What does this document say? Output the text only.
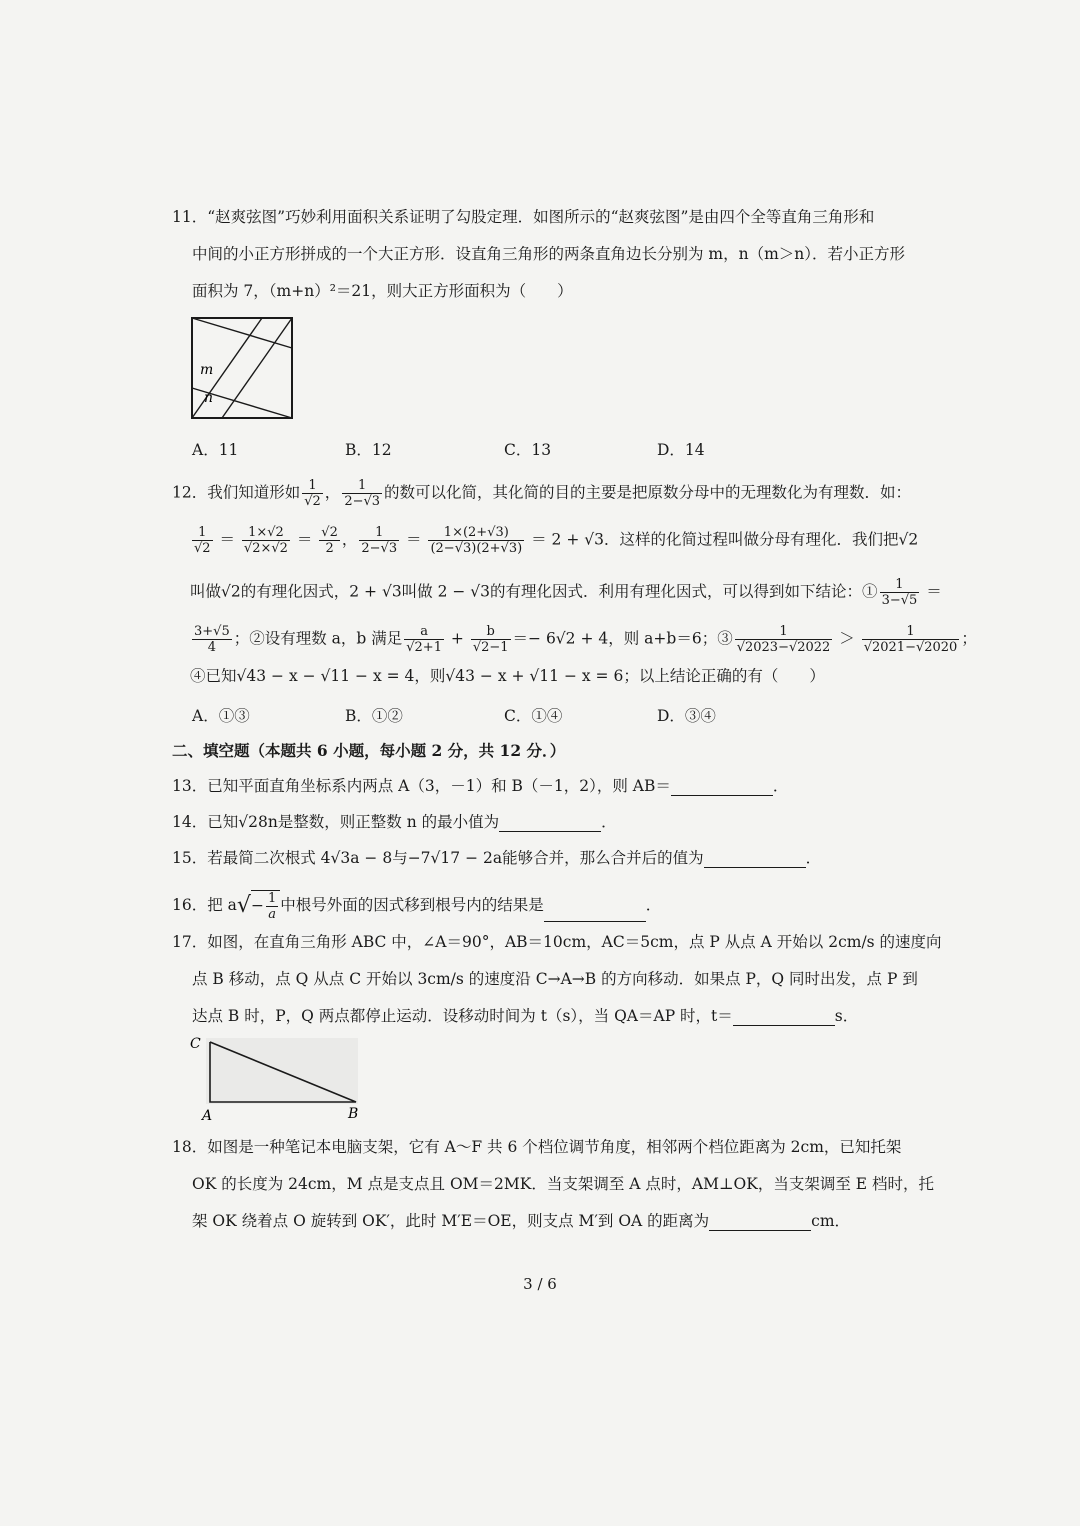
11．“赵爽弦图”巧妙利用面积关系证明了勾股定理．如图所示的“赵爽弦图”是由四个全等直角三角形和
中间的小正方形拼成的一个大正方形．设直角三角形的两条直角边长分别为 m，n（m＞n）．若小正方形
面积为 7，（m+n）²＝21，则大正方形面积为（　　）
m
n
A．11	B．12	C．13	D．14
12．我们知道形如 $\frac{1}{√2}$ ， $\frac{1}{2-√3}$ 的数可以化简，其化简的目的主要是把原数分母中的无理数化为有理数．如：
$\frac{1}{√2} = \frac{1\times√2}{√2\times√2} = \frac{√2}{2}$ ， $\frac{1}{2-√3} = \frac{1\times(2+√3)}{(2-√3)(2+√3)} = 2 + √3$．这样的化简过程叫做分母有理化．我们把√2
叫做√2的有理化因式，2 + √3叫做 2 − √3的有理化因式．利用有理化因式，可以得到如下结论：① $\frac{1}{3-√5}$ ＝
$\frac{3+√5}{4}$ ；②设有理数 a，b 满足 $\frac{a}{√2+1} + \frac{b}{√2-1} =- 6√2 + 4$，则 a+b＝6；③ $\frac{1}{√2023-√2022} > \frac{1}{√2021-√2020}$ ；
④已知√43 − x − √11 − x = 4，则√43 − x + √11 − x = 6；以上结论正确的有（　　）
A．①③	B．①②	C．①④	D．③④
二、填空题（本题共 6 小题，每小题 2 分，共 12 分．）
13．已知平面直角坐标系内两点 A（3，－1）和 B（－1，2），则 AB＝	．
14．已知√28n是整数，则正整数 n 的最小值为	．
15．若最简二次根式 4√3a − 8与−7√17 − 2a能够合并，那么合并后的值为	．
16．把 $a√- \frac{1}{a}$ 中根号外面的因式移到根号内的结果是	．
17．如图，在直角三角形 ABC 中，∠A＝90°，AB＝10cm，AC＝5cm，点 P 从点 A 开始以 2cm/s 的速度向
点 B 移动，点 Q 从点 C 开始以 3cm/s 的速度沿 C→A→B 的方向移动．如果点 P，Q 同时出发，点 P 到
达点 B 时，P，Q 两点都停止运动．设移动时间为 t（s），当 QA＝AP 时，t＝	s．
C
A	B
18．如图是一种笔记本电脑支架，它有 A～F 共 6 个档位调节角度，相邻两个档位距离为 2cm，已知托架
OK 的长度为 24cm，M 点是支点且 OM＝2MK．当支架调至 A 点时，AM⊥OK，当支架调至 E 档时，托
架 OK 绕着点 O 旋转到 OK′，此时 M′E＝OE，则支点 M′到 OA 的距离为	cm．
3 / 6
